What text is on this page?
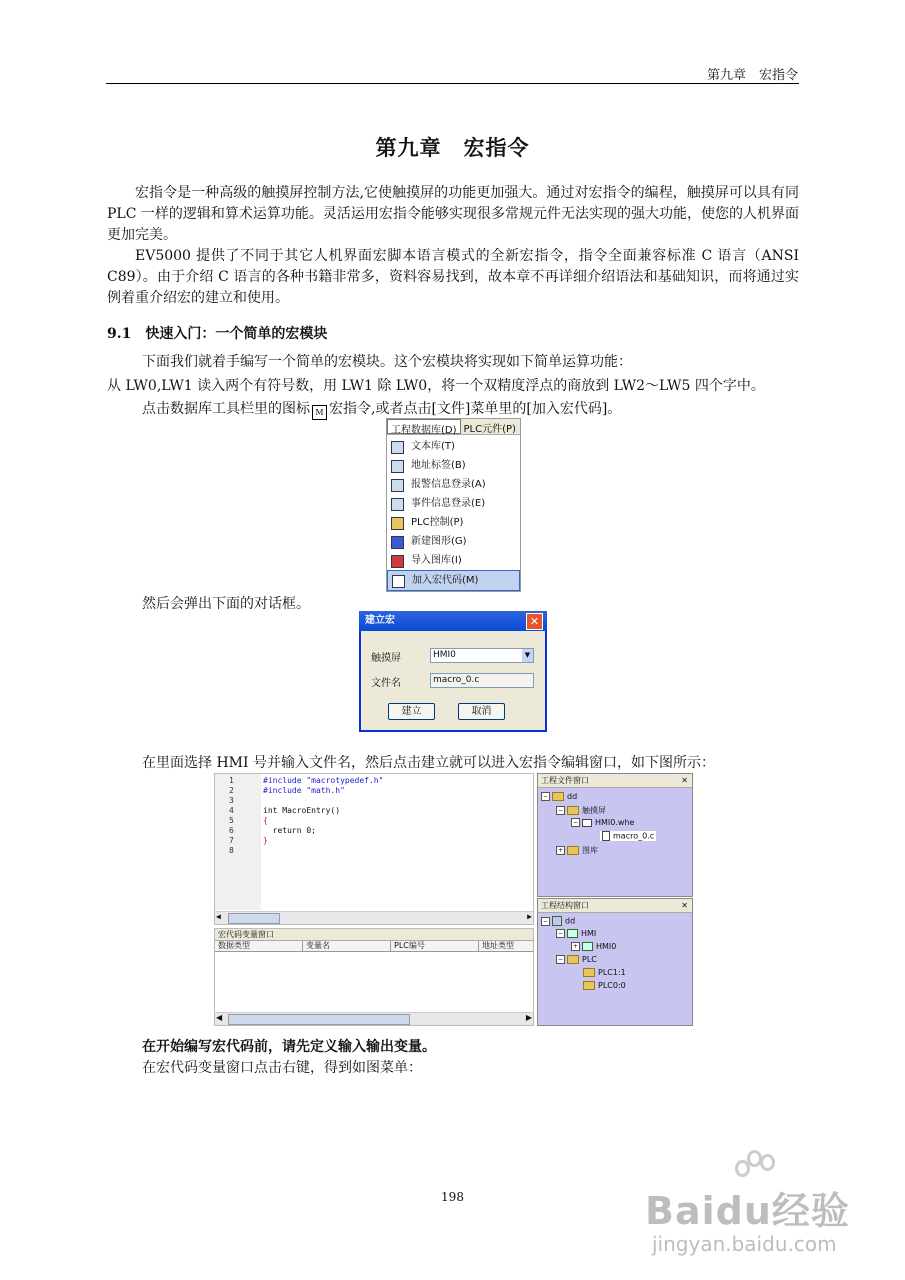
第九章　宏指令
第九章　宏指令

宏指令是一种高级的触摸屏控制方法,它使触摸屏的功能更加强大。通过对宏指令的编程，触摸屏可以具有同 PLC 一样的逻辑和算术运算功能。灵活运用宏指令能够实现很多常规元件无法实现的强大功能，使您的人机界面更加完美。

EV5000 提供了不同于其它人机界面宏脚本语言模式的全新宏指令，指令全面兼容标准 C 语言（ANSI C89）。由于介绍 C 语言的各种书籍非常多，资料容易找到，故本章不再详细介绍语法和基础知识，而将通过实例着重介绍宏的建立和使用。

9.1　快速入门：一个简单的宏模块
下面我们就着手编写一个简单的宏模块。这个宏模块将实现如下简单运算功能：
从 LW0,LW1 读入两个有符号数，用 LW1 除 LW0，将一个双精度浮点的商放到 LW2～LW5 四个字中。
点击数据库工具栏里的图标 M 宏指令,或者点击[文件]菜单里的[加入宏代码]。
工程数据库(D) PLC元件(P)
文本库(T)
地址标签(B)
报警信息登录(A)
事件信息登录(E)
PLC控制(P)
新建图形(G)
导入图库(I)
加入宏代码(M)
然后会弹出下面的对话框。
建立宏	✕
触摸屏	HMI0	▼
文件名	macro_0.c
建立	取消
在里面选择 HMI 号并输入文件名，然后点击建立就可以进入宏指令编辑窗口，如下图所示：
1
2
3
4
5
6
7
8
#include "macrotypedef.h"
#include "math.h"
int MacroEntry()
{
return 0;
}
◀	▶
工程文件窗口	✕
− dd
− 触摸屏
− HMI0.whe
macro_0.c
+ 图库
工程结构窗口	✕
− dd
− HMI
+ HMI0
− PLC
PLC1:1
PLC0:0
宏代码变量窗口
数据类型	变量名	PLC编号	地址类型
◀	▶
在开始编写宏代码前，请先定义输入输出变量。
在宏代码变量窗口点击右键，得到如图菜单：
198	Baidu经验
jingyan.baidu.com
